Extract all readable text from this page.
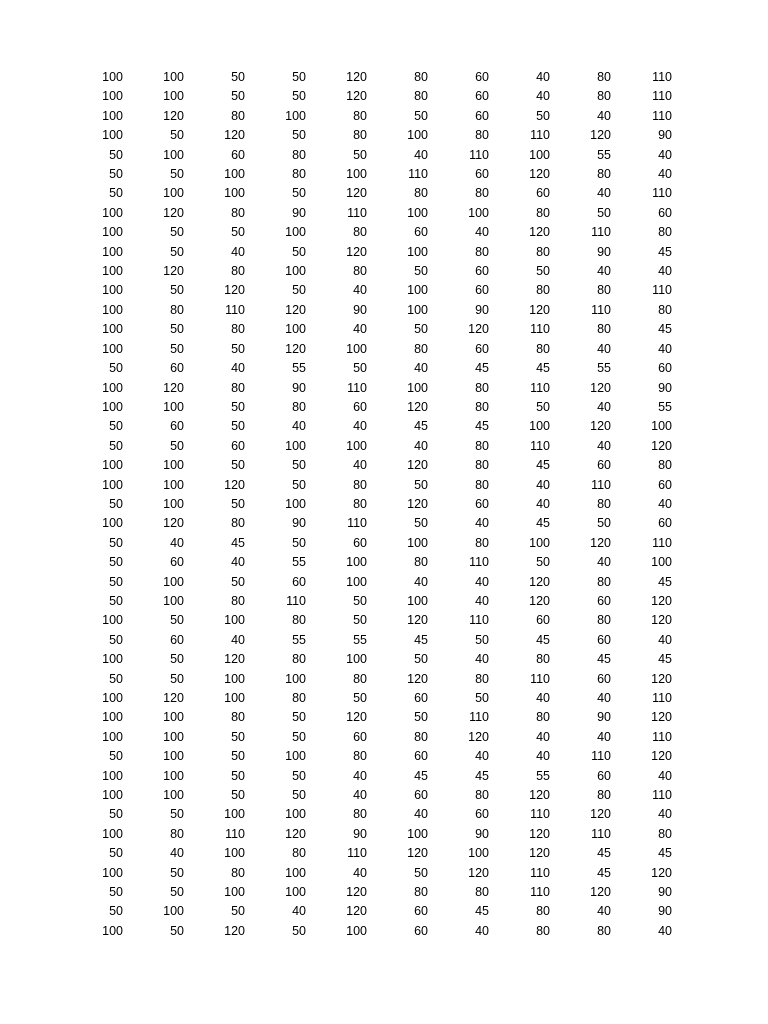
100	100	50	50	120	80	60	40	80	110
100	100	50	50	120	80	60	40	80	110
100	120	80	100	80	50	60	50	40	110
100	50	120	50	80	100	80	110	120	90
50	100	60	80	50	40	110	100	55	40
50	50	100	80	100	110	60	120	80	40
50	100	100	50	120	80	80	60	40	110
100	120	80	90	110	100	100	80	50	60
100	50	50	100	80	60	40	120	110	80
100	50	40	50	120	100	80	80	90	45
100	120	80	100	80	50	60	50	40	40
100	50	120	50	40	100	60	80	80	110
100	80	110	120	90	100	90	120	110	80
100	50	80	100	40	50	120	110	80	45
100	50	50	120	100	80	60	80	40	40
50	60	40	55	50	40	45	45	55	60
100	120	80	90	110	100	80	110	120	90
100	100	50	80	60	120	80	50	40	55
50	60	50	40	40	45	45	100	120	100
50	50	60	100	100	40	80	110	40	120
100	100	50	50	40	120	80	45	60	80
100	100	120	50	80	50	80	40	110	60
50	100	50	100	80	120	60	40	80	40
100	120	80	90	110	50	40	45	50	60
50	40	45	50	60	100	80	100	120	110
50	60	40	55	100	80	110	50	40	100
50	100	50	60	100	40	40	120	80	45
50	100	80	110	50	100	40	120	60	120
100	50	100	80	50	120	110	60	80	120
50	60	40	55	55	45	50	45	60	40
100	50	120	80	100	50	40	80	45	45
50	50	100	100	80	120	80	110	60	120
100	120	100	80	50	60	50	40	40	110
100	100	80	50	120	50	110	80	90	120
100	100	50	50	60	80	120	40	40	110
50	100	50	100	80	60	40	40	110	120
100	100	50	50	40	45	45	55	60	40
100	100	50	50	40	60	80	120	80	110
50	50	100	100	80	40	60	110	120	40
100	80	110	120	90	100	90	120	110	80
50	40	100	80	110	120	100	120	45	45
100	50	80	100	40	50	120	110	45	120
50	50	100	100	120	80	80	110	120	90
50	100	50	40	120	60	45	80	40	90
100	50	120	50	100	60	40	80	80	40
